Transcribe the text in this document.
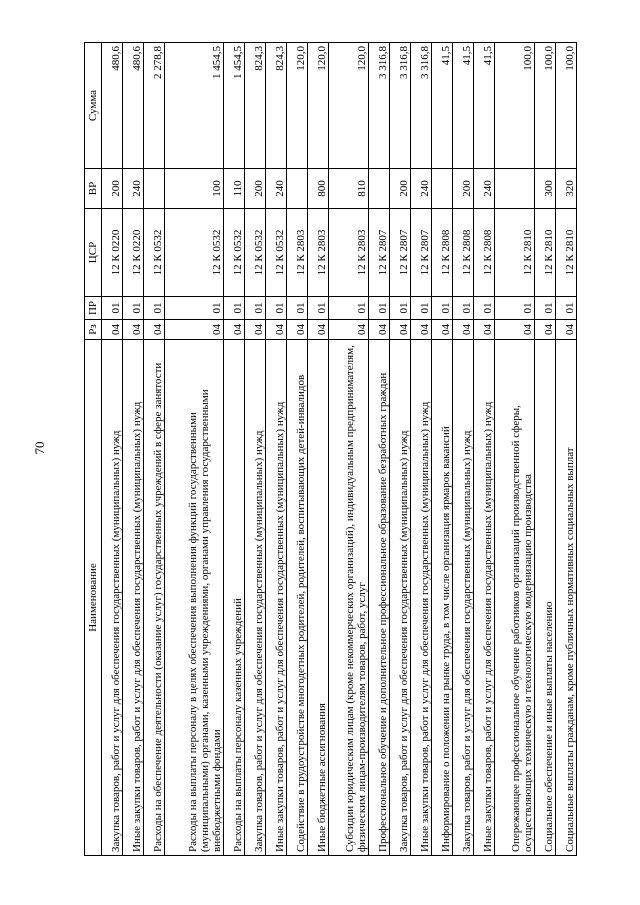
70
Наименование	Рз	ПР	ЦСР	ВР	Сумма
Закупка товаров, работ и услуг для обеспечения государственных (муниципальных) нужд	04	01	12 К 0220	200	480,6
Иные закупки товаров, работ и услуг для обеспечения государственных (муниципальных) нужд	04	01	12 К 0220	240	480,6
Расходы на обеспечение деятельности (оказание услуг) государственных учреждений в сфере занятости	04	01	12 К 0532		2 278,8
Расходы на выплаты персоналу в целях обеспечения выполнения функций государственными (муниципальными) органами, казенными учреждениями, органами управления государственными внебюджетными фондами	04	01	12 К 0532	100	1 454,5
Расходы на выплаты персоналу казенных учреждений	04	01	12 К 0532	110	1 454,5
Закупка товаров, работ и услуг для обеспечения государственных (муниципальных) нужд	04	01	12 К 0532	200	824,3
Иные закупки товаров, работ и услуг для обеспечения государственных (муниципальных) нужд	04	01	12 К 0532	240	824,3
Содействие в трудоустройстве многодетных родителей, родителей, воспитывающих детей-инвалидов	04	01	12 К 2803		120,0
Иные бюджетные ассигнования	04	01	12 К 2803	800	120,0
Субсидии юридическим лицам (кроме некоммерческих организаций), индивидуальным предпринимателям, физическим лицам-производителям товаров, работ, услуг	04	01	12 К 2803	810	120,0
Профессиональное обучение и дополнительное профессиональное образование безработных граждан	04	01	12 К 2807		3 316,8
Закупка товаров, работ и услуг для обеспечения государственных (муниципальных) нужд	04	01	12 К 2807	200	3 316,8
Иные закупки товаров, работ и услуг для обеспечения государственных (муниципальных) нужд	04	01	12 К 2807	240	3 316,8
Информирование о положении на рынке труда, в том числе организация ярмарок вакансий	04	01	12 К 2808		41,5
Закупка товаров, работ и услуг для обеспечения государственных (муниципальных) нужд	04	01	12 К 2808	200	41,5
Иные закупки товаров, работ и услуг для обеспечения государственных (муниципальных) нужд	04	01	12 К 2808	240	41,5
Опережающее профессиональное обучение работников организаций производственной сферы, осуществляющих техническую и технологическую модернизацию производства	04	01	12 К 2810		100,0
Социальное обеспечение и иные выплаты населению	04	01	12 К 2810	300	100,0
Социальные выплаты гражданам, кроме публичных нормативных социальных выплат	04	01	12 К 2810	320	100,0
